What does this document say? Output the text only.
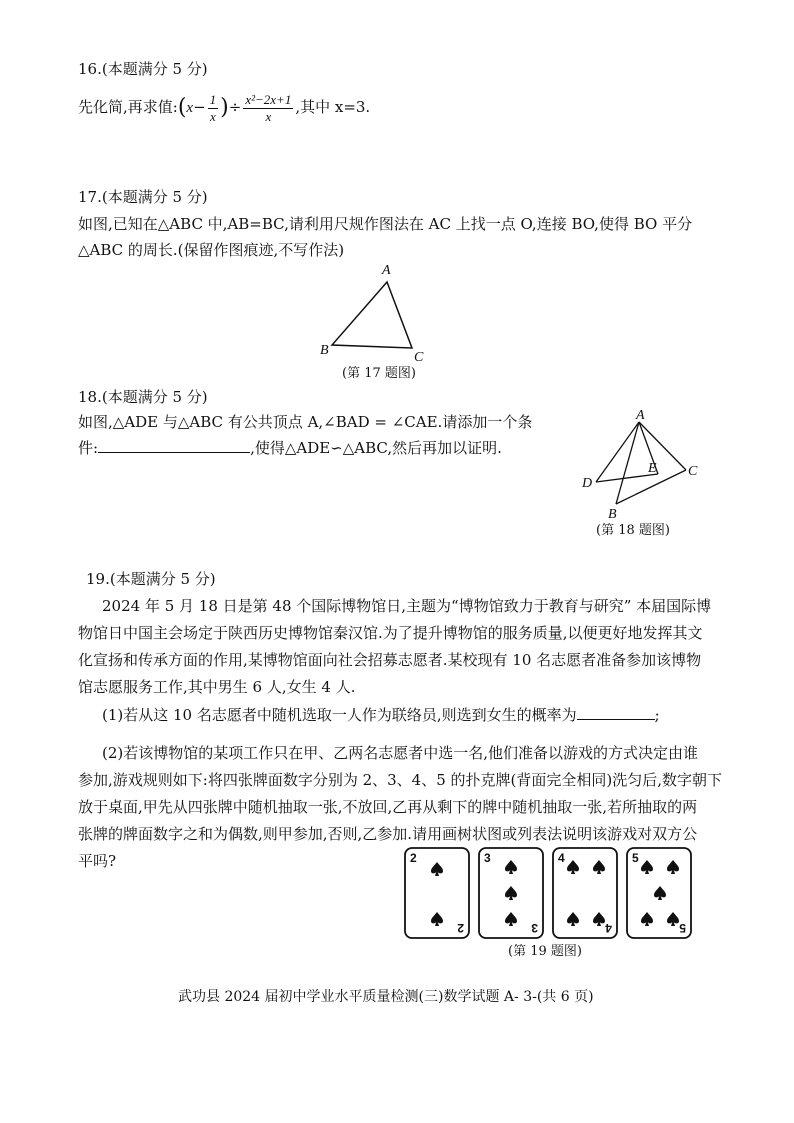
16.(本题满分 5 分)
先化简,再求值:(x− $\frac{1}{x}$ )÷ $\frac{\text{x²−2x+1}}{x}$ ,其中 x=3.
17.(本题满分 5 分)
如图,已知在△ABC 中,AB=BC,请利用尺规作图法在 AC 上找一点 O,连接 BO,使得 BO 平分
△ABC 的周长.(保留作图痕迹,不写作法)
A
B	C
(第 17 题图)
18.(本题满分 5 分)
如图,△ADE 与△ABC 有公共顶点 A,∠BAD = ∠CAE.请添加一个条
件:	,使得△ADE∽△ABC,然后再加以证明.
A
D
B
C
E
(第 18 题图)
19.(本题满分 5 分)
2024 年 5 月 18 日是第 48 个国际博物馆日,主题为“博物馆致力于教育与研究” 本届国际博
物馆日中国主会场定于陕西历史博物馆秦汉馆.为了提升博物馆的服务质量,以便更好地发挥其文
化宣扬和传承方面的作用,某博物馆面向社会招募志愿者.某校现有 10 名志愿者准备参加该博物
馆志愿服务工作,其中男生 6 人,女生 4 人.
(1)若从这 10 名志愿者中随机选取一人作为联络员,则选到女生的概率为	;
(2)若该博物馆的某项工作只在甲、乙两名志愿者中选一名,他们准备以游戏的方式决定由谁
参加,游戏规则如下:将四张牌面数字分别为 2、3、4、5 的扑克牌(背面完全相同)洗匀后,数字朝下
放于桌面,甲先从四张牌中随机抽取一张,不放回,乙再从剩下的牌中随机抽取一张,若所抽取的两
张牌的牌面数字之和为偶数,则甲参加,否则,乙参加.请用画树状图或列表法说明该游戏对双方公
平吗?	2
2
3
3
4
4
5
5
(第 19 题图)
武功县 2024 届初中学业水平质量检测(三)数学试题 A- 3-(共 6 页)
